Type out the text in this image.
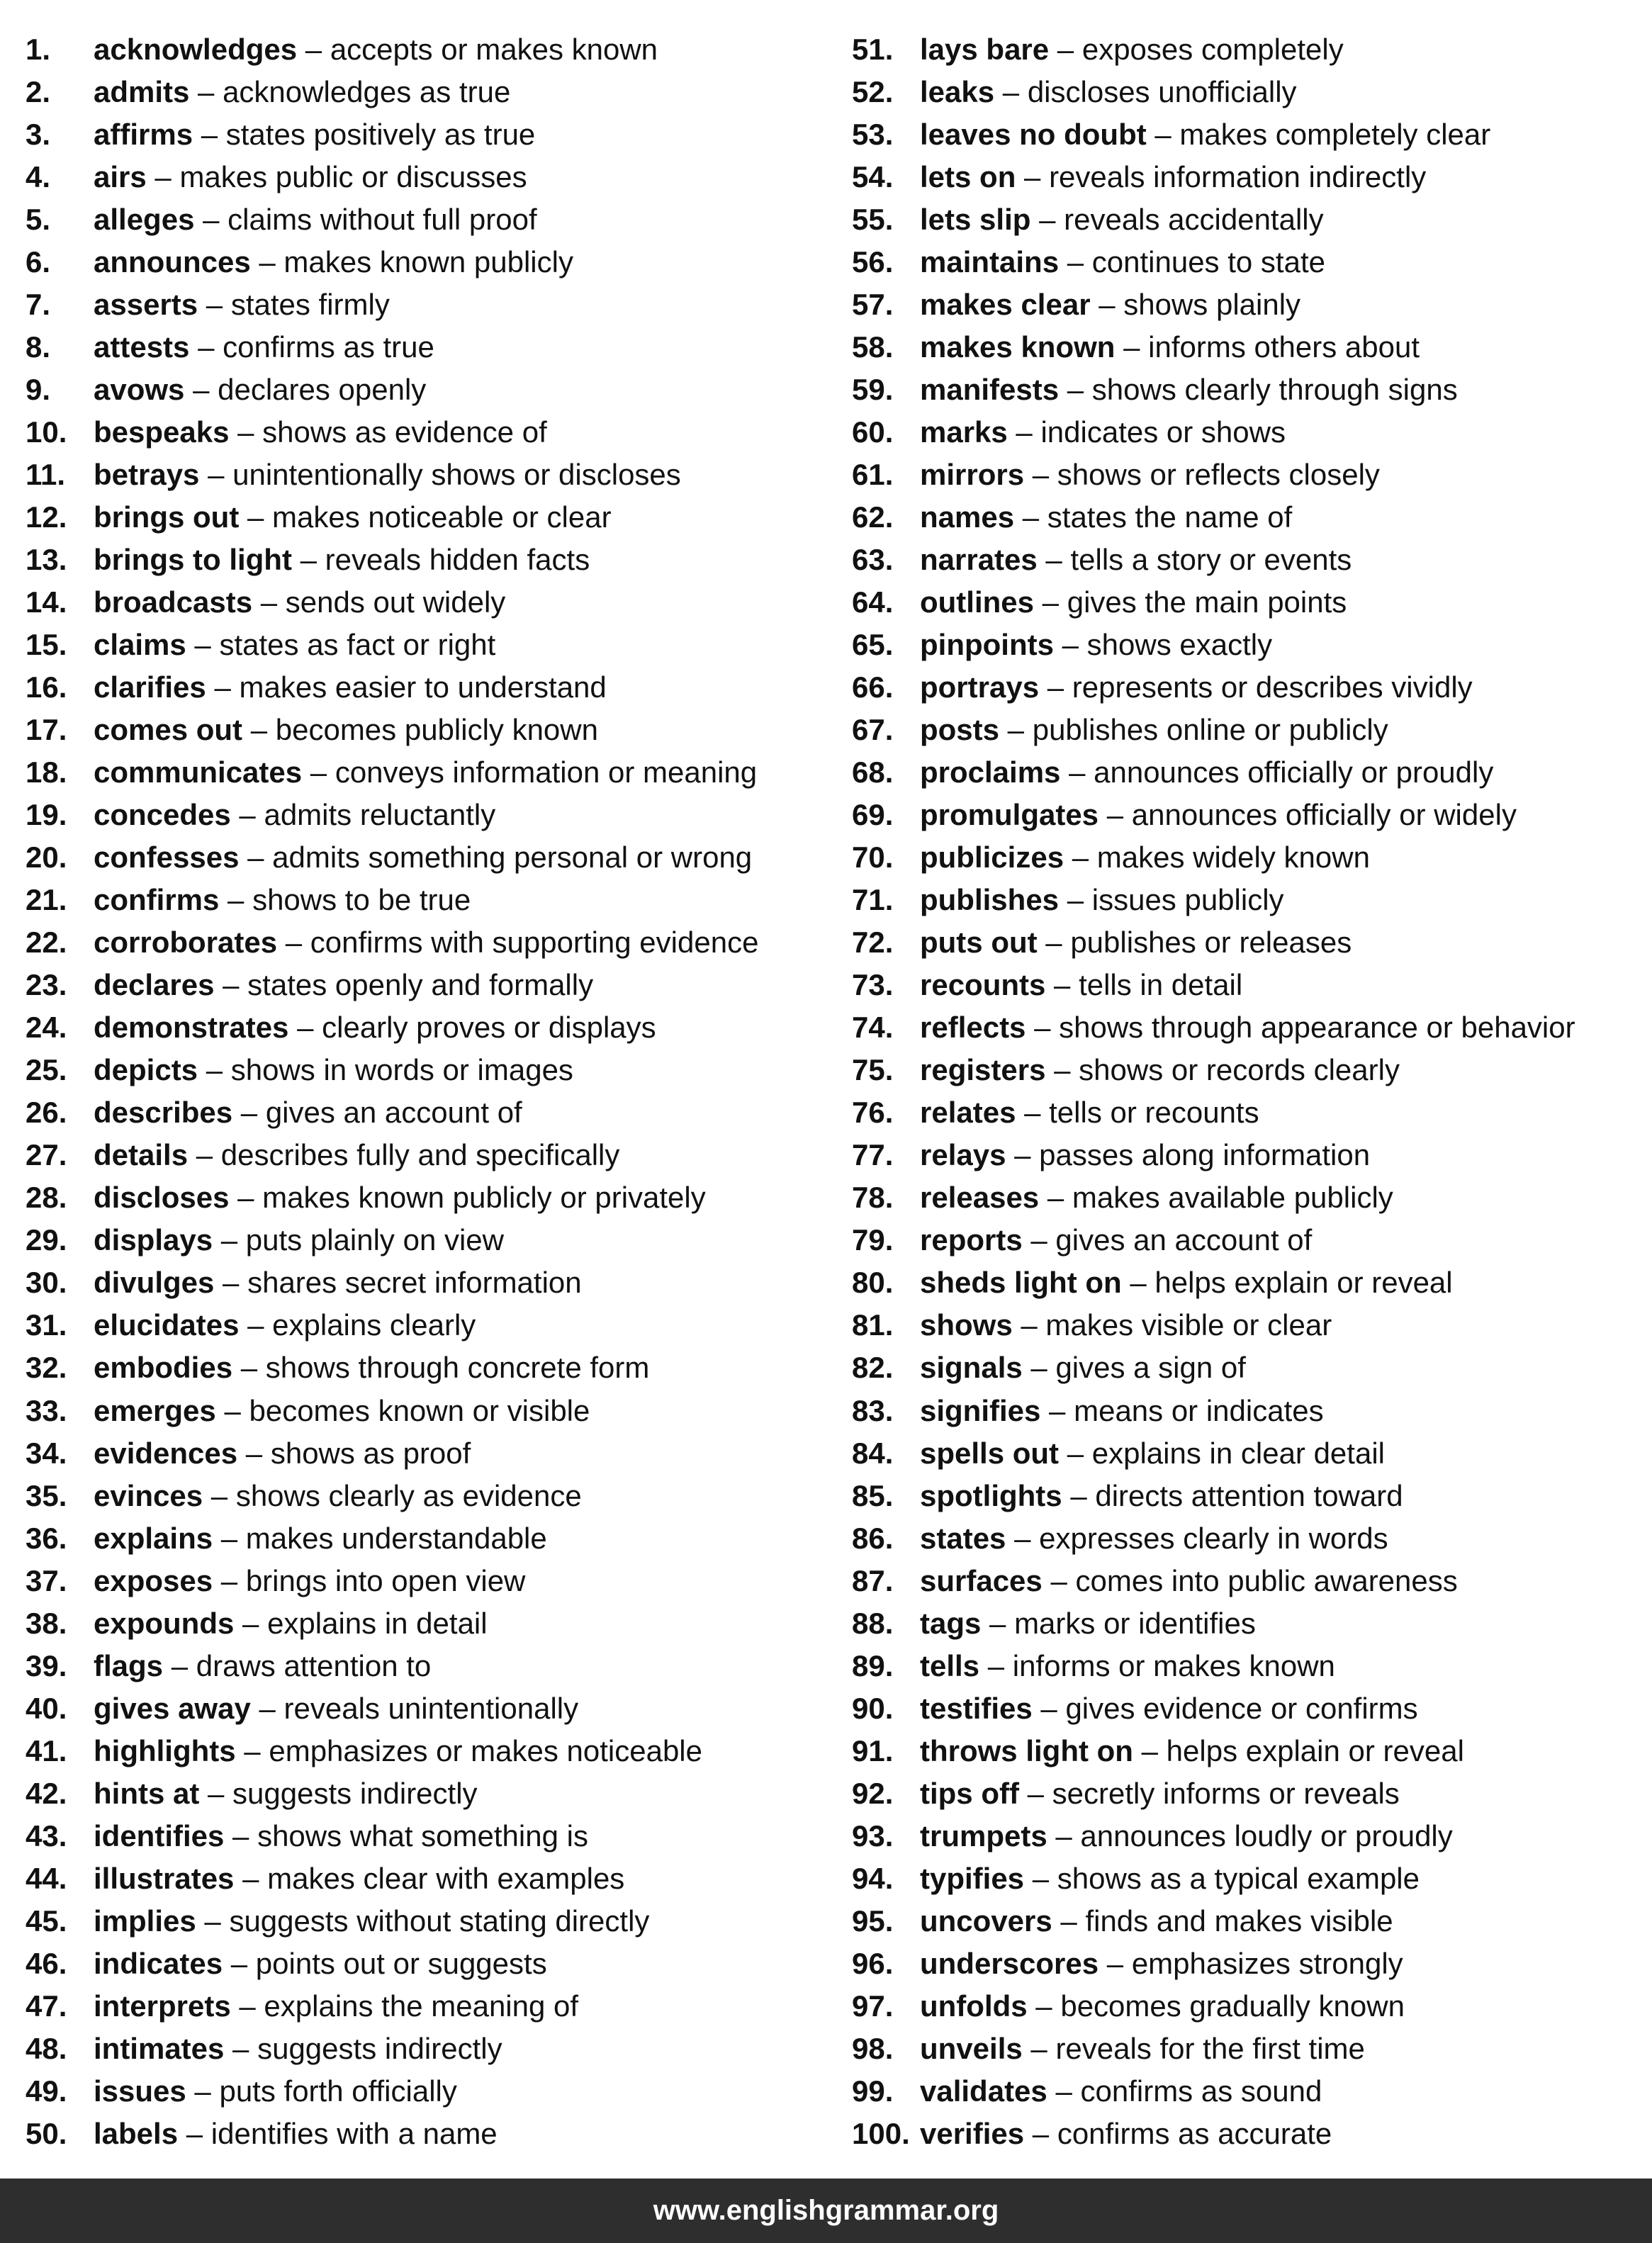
1. acknowledges – accepts or makes known
2. admits – acknowledges as true
3. affirms – states positively as true
4. airs – makes public or discusses
5. alleges – claims without full proof
6. announces – makes known publicly
7. asserts – states firmly
8. attests – confirms as true
9. avows – declares openly
10. bespeaks – shows as evidence of
11. betrays – unintentionally shows or discloses
12. brings out – makes noticeable or clear
13. brings to light – reveals hidden facts
14. broadcasts – sends out widely
15. claims – states as fact or right
16. clarifies – makes easier to understand
17. comes out – becomes publicly known
18. communicates – conveys information or meaning
19. concedes – admits reluctantly
20. confesses – admits something personal or wrong
21. confirms – shows to be true
22. corroborates – confirms with supporting evidence
23. declares – states openly and formally
24. demonstrates – clearly proves or displays
25. depicts – shows in words or images
26. describes – gives an account of
27. details – describes fully and specifically
28. discloses – makes known publicly or privately
29. displays – puts plainly on view
30. divulges – shares secret information
31. elucidates – explains clearly
32. embodies – shows through concrete form
33. emerges – becomes known or visible
34. evidences – shows as proof
35. evinces – shows clearly as evidence
36. explains – makes understandable
37. exposes – brings into open view
38. expounds – explains in detail
39. flags – draws attention to
40. gives away – reveals unintentionally
41. highlights – emphasizes or makes noticeable
42. hints at – suggests indirectly
43. identifies – shows what something is
44. illustrates – makes clear with examples
45. implies – suggests without stating directly
46. indicates – points out or suggests
47. interprets – explains the meaning of
48. intimates – suggests indirectly
49. issues – puts forth officially
50. labels – identifies with a name
51. lays bare – exposes completely
52. leaks – discloses unofficially
53. leaves no doubt – makes completely clear
54. lets on – reveals information indirectly
55. lets slip – reveals accidentally
56. maintains – continues to state
57. makes clear – shows plainly
58. makes known – informs others about
59. manifests – shows clearly through signs
60. marks – indicates or shows
61. mirrors – shows or reflects closely
62. names – states the name of
63. narrates – tells a story or events
64. outlines – gives the main points
65. pinpoints – shows exactly
66. portrays – represents or describes vividly
67. posts – publishes online or publicly
68. proclaims – announces officially or proudly
69. promulgates – announces officially or widely
70. publicizes – makes widely known
71. publishes – issues publicly
72. puts out – publishes or releases
73. recounts – tells in detail
74. reflects – shows through appearance or behavior
75. registers – shows or records clearly
76. relates – tells or recounts
77. relays – passes along information
78. releases – makes available publicly
79. reports – gives an account of
80. sheds light on – helps explain or reveal
81. shows – makes visible or clear
82. signals – gives a sign of
83. signifies – means or indicates
84. spells out – explains in clear detail
85. spotlights – directs attention toward
86. states – expresses clearly in words
87. surfaces – comes into public awareness
88. tags – marks or identifies
89. tells – informs or makes known
90. testifies – gives evidence or confirms
91. throws light on – helps explain or reveal
92. tips off – secretly informs or reveals
93. trumpets – announces loudly or proudly
94. typifies – shows as a typical example
95. uncovers – finds and makes visible
96. underscores – emphasizes strongly
97. unfolds – becomes gradually known
98. unveils – reveals for the first time
99. validates – confirms as sound
100. verifies – confirms as accurate
www.englishgrammar.org
